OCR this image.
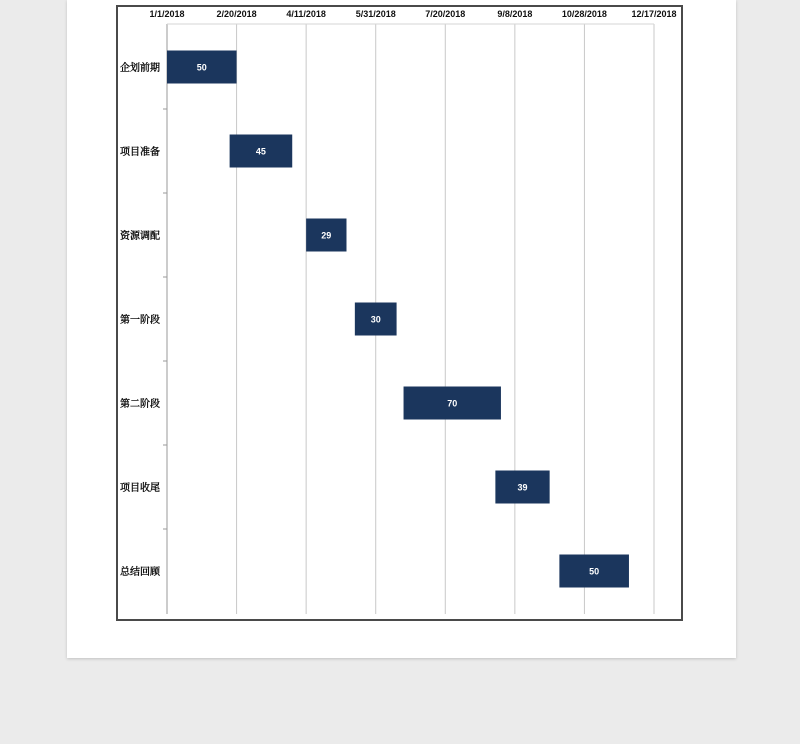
1/1/2018	2/20/2018	4/11/2018	5/31/2018	7/20/2018	9/8/2018	10/28/2018	12/17/2018
企划前期	50
项目准备	45
资源调配	29
第一阶段	30
第二阶段	70
项目收尾	39
总结回顾	50
